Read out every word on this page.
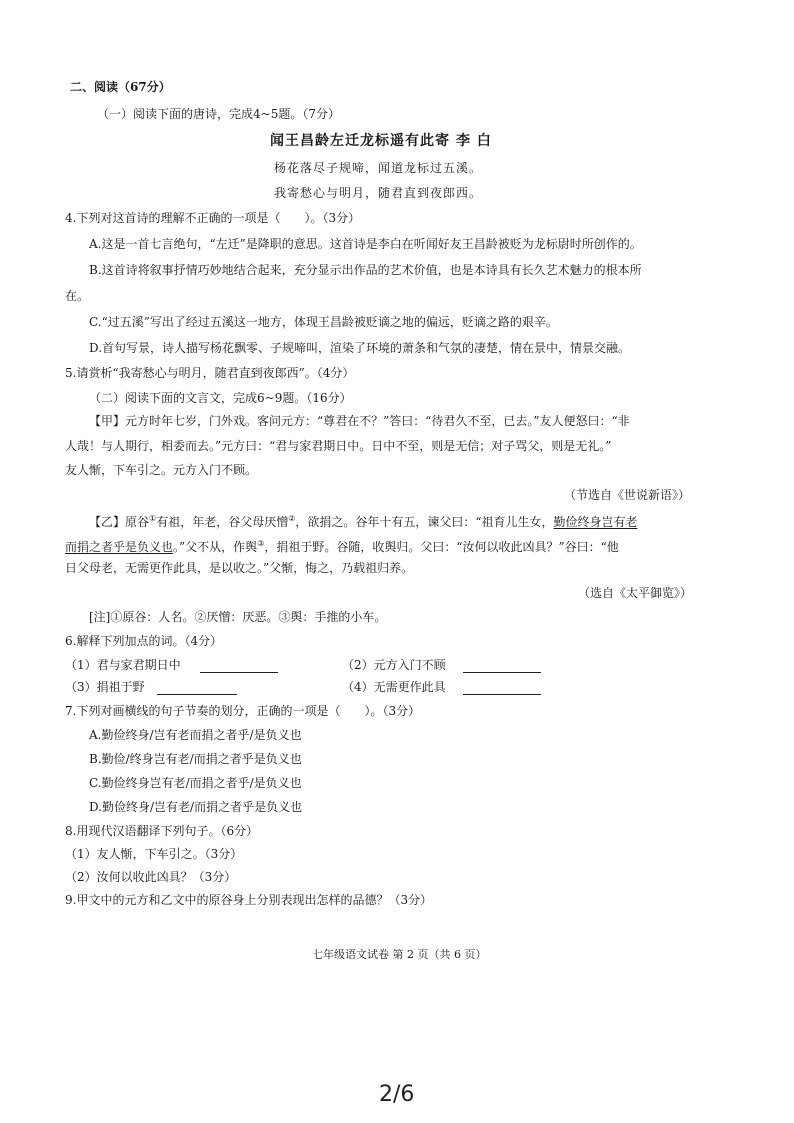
二、阅读（67分）
（一）阅读下面的唐诗，完成4~5题。（7分）
闻王昌龄左迁龙标遥有此寄 李 白
杨花落尽子规啼，闻道龙标过五溪。
我寄愁心与明月，随君直到夜郎西。
4.下列对这首诗的理解不正确的一项是（　　）。（3分）
A.这是一首七言绝句，“左迁”是降职的意思。这首诗是李白在听闻好友王昌龄被贬为龙标尉时所创作的。
B.这首诗将叙事抒情巧妙地结合起来，充分显示出作品的艺术价值，也是本诗具有长久艺术魅力的根本所
在。
C.“过五溪”写出了经过五溪这一地方，体现王昌龄被贬谪之地的偏远，贬谪之路的艰辛。
D.首句写景，诗人描写杨花飘零、子规啼叫，渲染了环境的萧条和气氛的凄楚，情在景中，情景交融。
5.请赏析“我寄愁心与明月，随君直到夜郎西”。（4分）
（二）阅读下面的文言文，完成6~9题。（16分）
【甲】元方时年七岁，门外戏。客问元方：“尊君在不？”答曰：“待君久不至，已去。”友人便怒曰：“非
人哉！与人期行，相委而去。”元方曰：“君与家君期日中。日中不至，则是无信；对子骂父，则是无礼。”
友人惭，下车引之。元方入门不顾。
（节选自《世说新语》）
【乙】原谷①有祖，年老，谷父母厌憎②，欲捐之。谷年十有五，谏父曰：“祖育儿生女，勤俭终身岂有老
而捐之者乎是负义也。”父不从，作舆③，捐祖于野。谷随，收舆归。父曰：“汝何以收此凶具？”谷曰：“他
日父母老，无需更作此具，是以收之。”父惭，悔之，乃载祖归养。
（选自《太平御览》）
[注]①原谷：人名。②厌憎：厌恶。③舆：手推的小车。
6.解释下列加点的词。（4分）
（1）君与家君期日中	（2）元方入门不顾
（3）捐祖于野	（4）无需更作此具
7.下列对画横线的句子节奏的划分，正确的一项是（　　）。（3分）
A.勤俭终身/岂有老而捐之者乎/是负义也
B.勤俭/终身岂有老/而捐之者乎是负义也
C.勤俭终身岂有老/而捐之者乎/是负义也
D.勤俭终身/岂有老/而捐之者乎是负义也
8.用现代汉语翻译下列句子。（6分）
（1）友人惭，下车引之。（3分）
（2）汝何以收此凶具？（3分）
9.甲文中的元方和乙文中的原谷身上分别表现出怎样的品德？（3分）
七年级语文试卷 第 2 页（共 6 页）
2/6
